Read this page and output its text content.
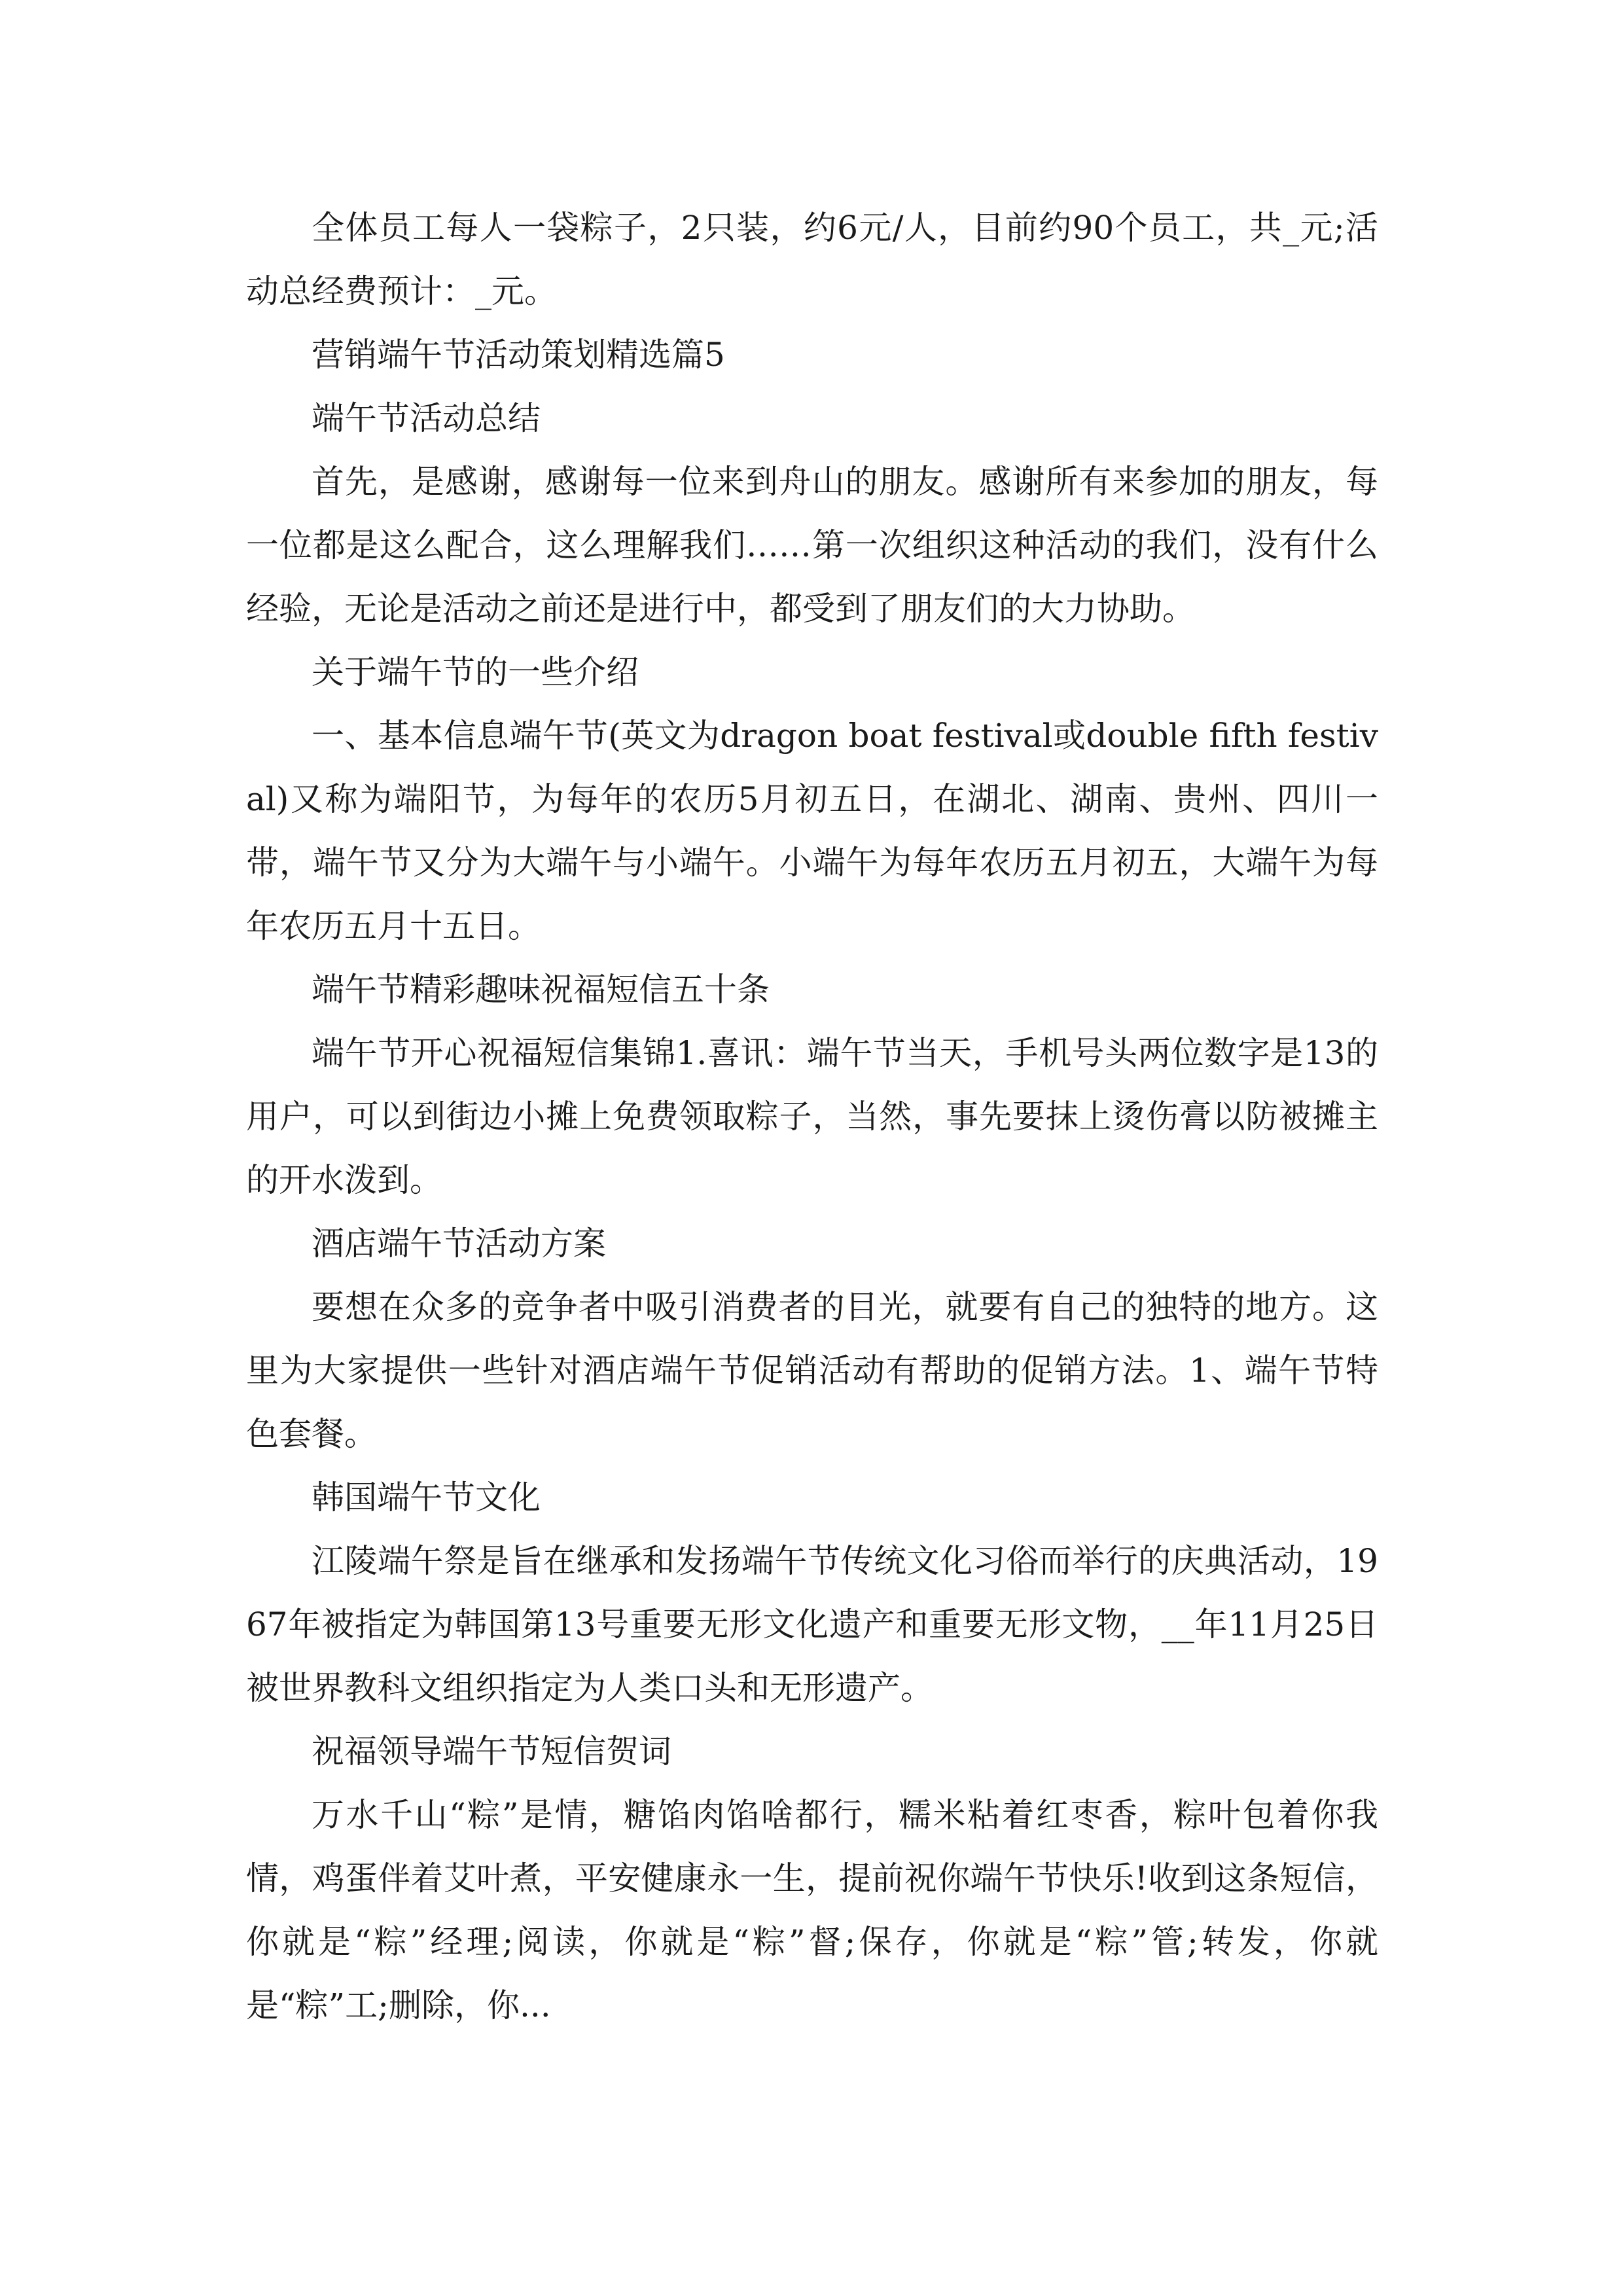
全体员工每人一袋粽子，2只装，约6元/人，目前约90个员工，共_元;活动总经费预计：_元。

营销端午节活动策划精选篇5

端午节活动总结

首先，是感谢，感谢每一位来到舟山的朋友。感谢所有来参加的朋友，每一位都是这么配合，这么理解我们……第一次组织这种活动的我们，没有什么经验，无论是活动之前还是进行中，都受到了朋友们的大力协助。

关于端午节的一些介绍

一、基本信息端午节(英文为dragon boat festival或double fifth festival)又称为端阳节，为每年的农历5月初五日，在湖北、湖南、贵州、四川一带，端午节又分为大端午与小端午。小端午为每年农历五月初五，大端午为每年农历五月十五日。

端午节精彩趣味祝福短信五十条

端午节开心祝福短信集锦1.喜讯：端午节当天，手机号头两位数字是13的用户，可以到街边小摊上免费领取粽子，当然，事先要抹上烫伤膏以防被摊主的开水泼到。

酒店端午节活动方案

要想在众多的竞争者中吸引消费者的目光，就要有自己的独特的地方。这里为大家提供一些针对酒店端午节促销活动有帮助的促销方法。1、端午节特色套餐。

韩国端午节文化

江陵端午祭是旨在继承和发扬端午节传统文化习俗而举行的庆典活动，1967年被指定为韩国第13号重要无形文化遗产和重要无形文物，__年11月25日被世界教科文组织指定为人类口头和无形遗产。

祝福领导端午节短信贺词

万水千山“粽”是情，糖馅肉馅啥都行，糯米粘着红枣香，粽叶包着你我情，鸡蛋伴着艾叶煮，平安健康永一生，提前祝你端午节快乐!收到这条短信，你就是“粽”经理;阅读，你就是“粽”督;保存，你就是“粽”管;转发，你就是“粽”工;删除，你...
